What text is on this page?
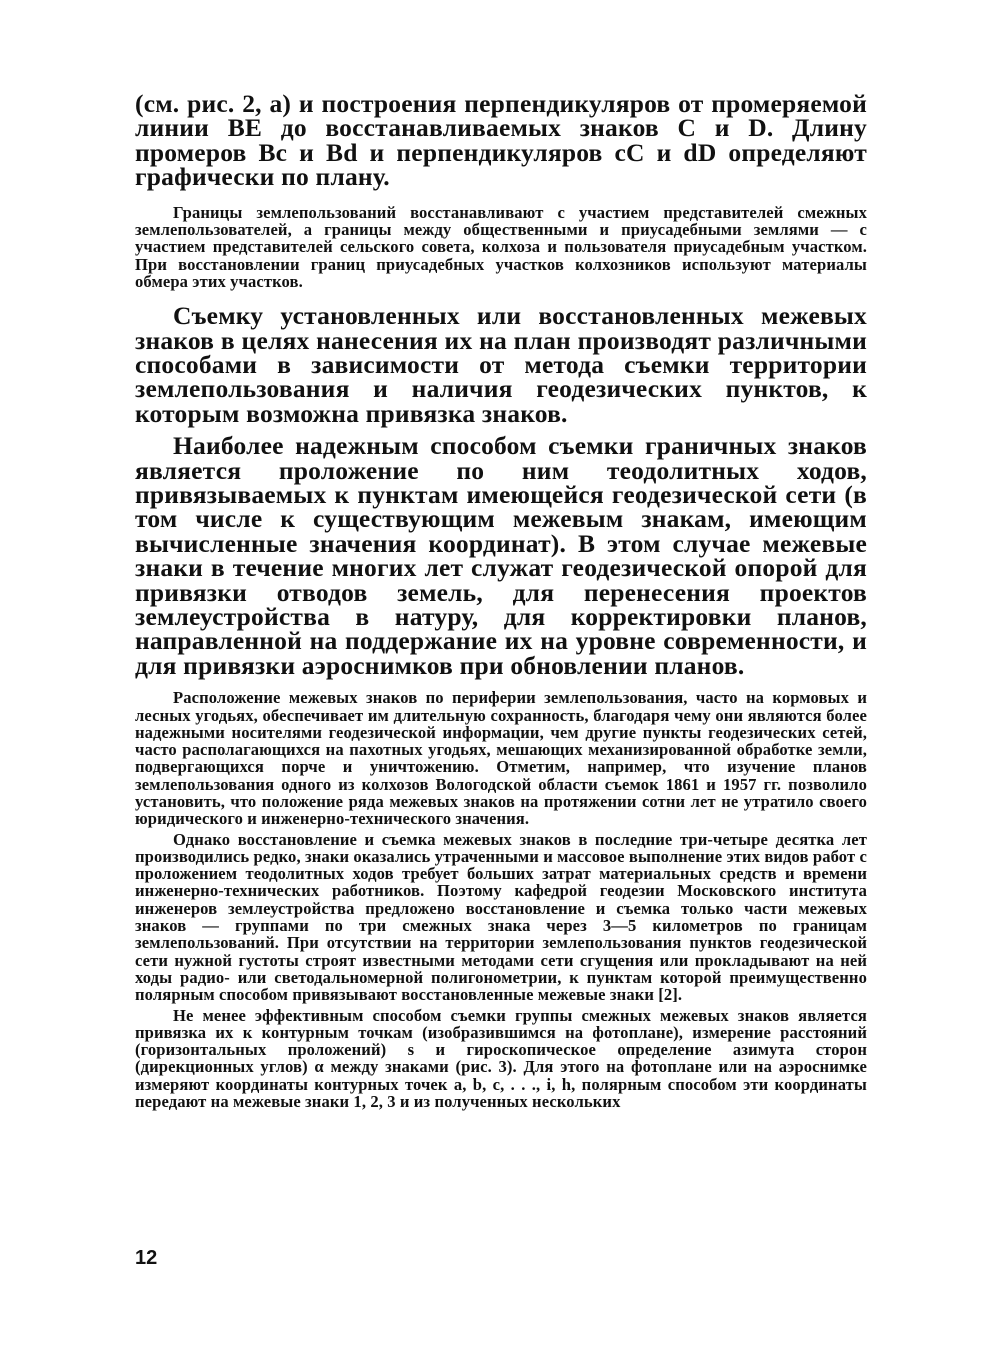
(см. рис. 2, а) и построения перпендикуляров от промеряемой линии BE до восстанавливаемых знаков C и D. Длину промеров Bc и Bd и перпендикуляров cC и dD определяют графически по плану.

Границы землепользований восстанавливают с участием представителей смежных землепользователей, а границы между общественными и приусадебными землями — с участием представителей сельского совета, колхоза и пользователя приусадебным участком. При восстановлении границ приусадебных участков колхозников используют материалы обмера этих участков.

Съемку установленных или восстановленных межевых знаков в целях нанесения их на план производят различными способами в зависимости от метода съемки территории землепользования и наличия геодезических пунктов, к которым возможна привязка знаков.

Наиболее надежным способом съемки граничных знаков является проложение по ним теодолитных ходов, привязываемых к пунктам имеющейся геодезической сети (в том числе к существующим межевым знакам, имеющим вычисленные значения координат). В этом случае межевые знаки в течение многих лет служат геодезической опорой для привязки отводов земель, для перенесения проектов землеустройства в натуру, для корректировки планов, направленной на поддержание их на уровне современности, и для привязки аэроснимков при обновлении планов.

Расположение межевых знаков по периферии землепользования, часто на кормовых и лесных угодьях, обеспечивает им длительную сохранность, благодаря чему они являются более надежными носителями геодезической информации, чем другие пункты геодезических сетей, часто располагающихся на пахотных угодьях, мешающих механизированной обработке земли, подвергающихся порче и уничтожению. Отметим, например, что изучение планов землепользования одного из колхозов Вологодской области съемок 1861 и 1957 гг. позволило установить, что положение ряда межевых знаков на протяжении сотни лет не утратило своего юридического и инженерно-технического значения.

Однако восстановление и съемка межевых знаков в последние три-четыре десятка лет производились редко, знаки оказались утраченными и массовое выполнение этих видов работ с проложением теодолитных ходов требует больших затрат материальных средств и времени инженерно-технических работников. Поэтому кафедрой геодезии Московского института инженеров землеустройства предложено восстановление и съемка только части межевых знаков — группами по три смежных знака через 3—5 километров по границам землепользований. При отсутствии на территории землепользования пунктов геодезической сети нужной густоты строят известными методами сети сгущения или прокладывают на ней ходы радио- или светодальномерной полигонометрии, к пунктам которой преимущественно полярным способом привязывают восстановленные межевые знаки [2].

Не менее эффективным способом съемки группы смежных межевых знаков является привязка их к контурным точкам (изобразившимся на фотоплане), измерение расстояний (горизонтальных проложений) s и гироскопическое определение азимута сторон (дирекционных углов) α между знаками (рис. 3). Для этого на фотоплане или на аэроснимке измеряют координаты контурных точек a, b, c, . . ., i, h, полярным способом эти координаты передают на межевые знаки 1, 2, 3 и из полученных нескольких

12
